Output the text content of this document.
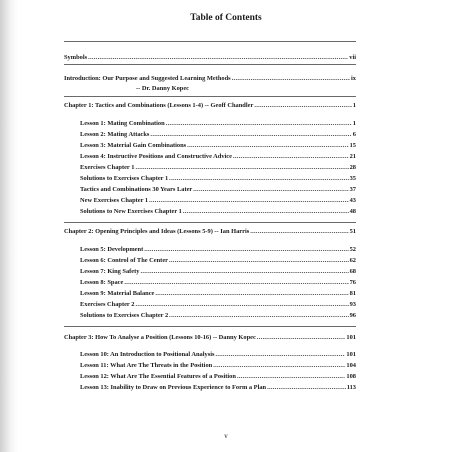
Table of Contents
Symbols .....	vii
Introduction: Our Purpose and Suggested Learning Methods .....	ix
-- Dr. Danny Kopec
Chapter 1: Tactics and Combinations (Lessons 1-4) -- Geoff Chandler .....	1
Lesson 1: Mating Combination .....	1
Lesson 2: Mating Attacks .....	6
Lesson 3: Material Gain Combinations .....	15
Lesson 4: Instructive Positions and Constructive Advice .....	21
Exercises Chapter 1 .....	28
Solutions to Exercises Chapter 1 .....	35
Tactics and Combinations 30 Years Later .....	37
New Exercises Chapter 1 .....	43
Solutions to New Exercises Chapter 1 .....	48
Chapter 2: Opening Principles and Ideas (Lessons 5-9) -- Ian Harris .....	51
Lesson 5: Development .....	52
Lesson 6: Control of The Center .....	62
Lesson 7: King Safety .....	68
Lesson 8: Space .....	76
Lesson 9: Material Balance .....	81
Exercises Chapter 2 .....	93
Solutions to Exercises Chapter 2 .....	96
Chapter 3: How To Analyse a Position (Lessons 10-16) -- Danny Kopec .....	101
Lesson 10: An Introduction to Positional Analysis .....	101
Lesson 11: What Are The Threats in the Position .....	104
Lesson 12: What Are The Essential Features of a Position .....	108
Lesson 13: Inability to Draw on Previous Experience to Form a Plan .....	113
v
